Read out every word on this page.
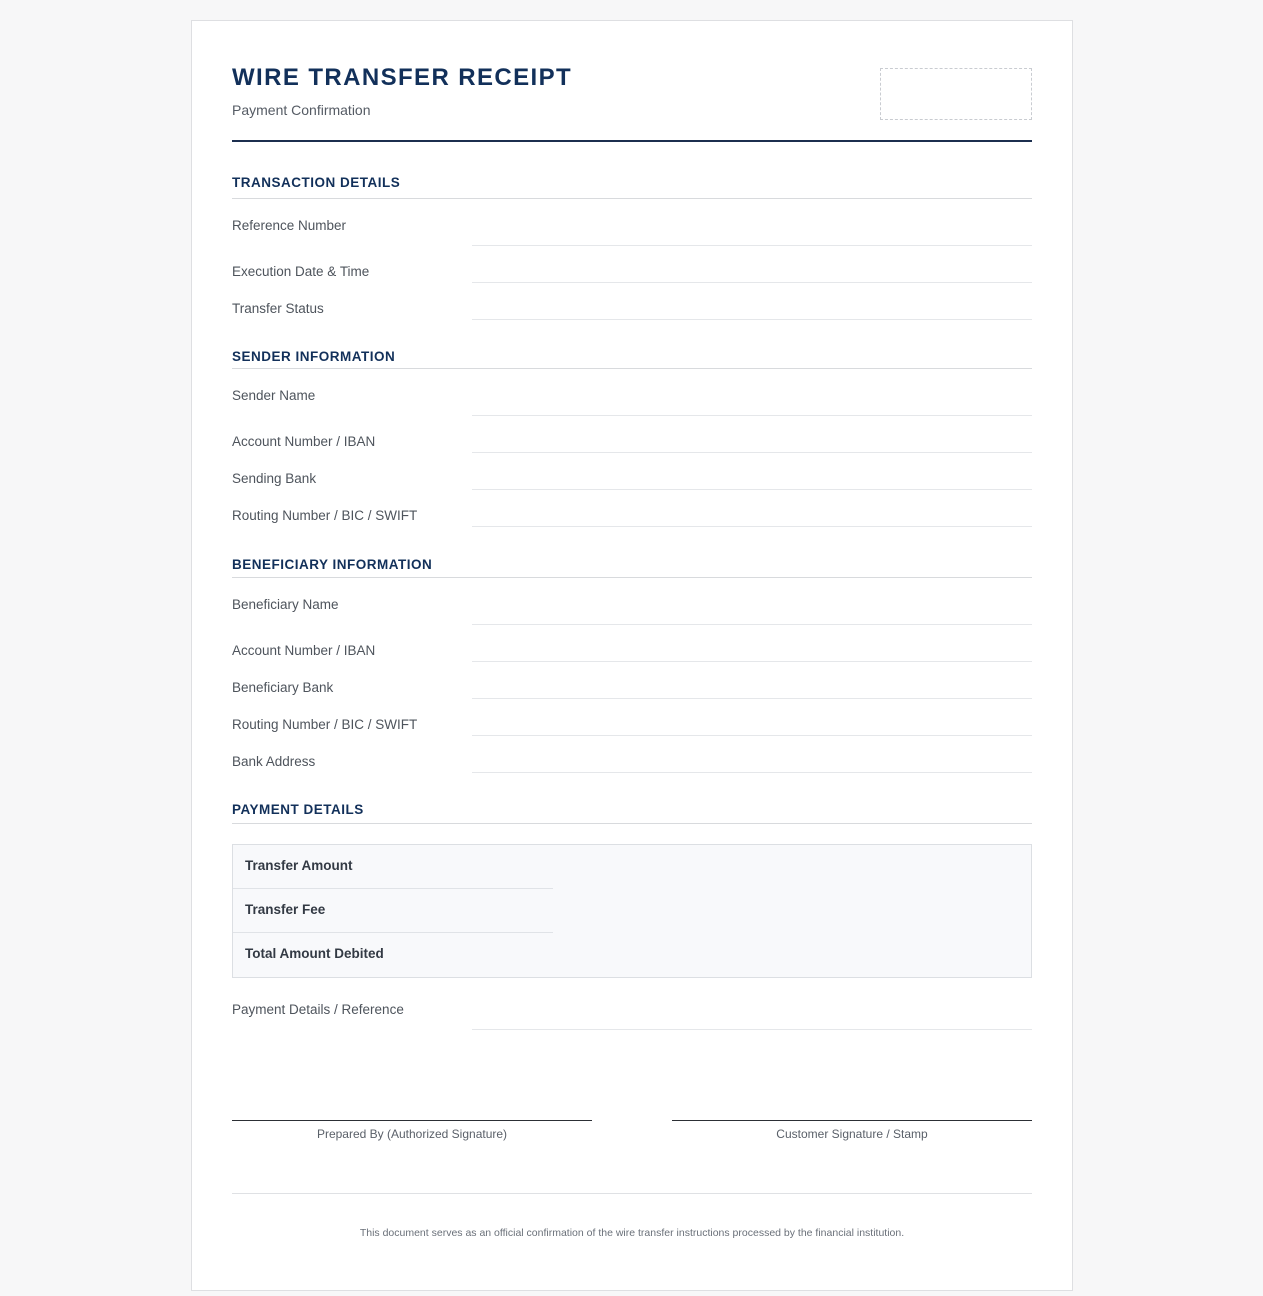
WIRE TRANSFER RECEIPT
Payment Confirmation
TRANSACTION DETAILS
Reference Number
Execution Date & Time
Transfer Status
SENDER INFORMATION
Sender Name
Account Number / IBAN
Sending Bank
Routing Number / BIC / SWIFT
BENEFICIARY INFORMATION
Beneficiary Name
Account Number / IBAN
Beneficiary Bank
Routing Number / BIC / SWIFT
Bank Address
PAYMENT DETAILS
Transfer Amount
Transfer Fee
Total Amount Debited
Payment Details / Reference
Prepared By (Authorized Signature)	Customer Signature / Stamp
This document serves as an official confirmation of the wire transfer instructions processed by the financial institution.
